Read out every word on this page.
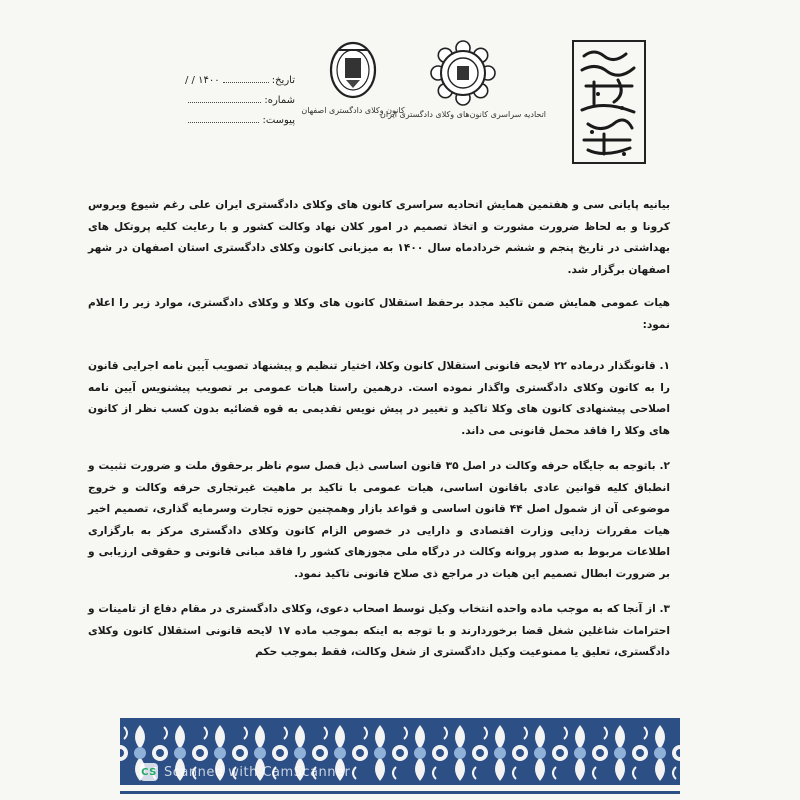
تاریخ:
۱۴۰۰ / /
شماره:
پیوست:
کانون وکلای دادگستری اصفهان
اتحادیه سراسری کانون‌های وکلای دادگستری ایران

بیانیه پایانی سی و هفتمین همایش اتحادیه سراسری کانون های وکلای دادگستری ایران علی رغم شیوع ویروس کرونا و به لحاظ ضرورت مشورت و اتخاذ تصمیم در امور کلان نهاد وکالت کشور و با رعایت کلیه پروتکل های بهداشتی در تاریخ پنجم و ششم خردادماه سال ۱۴۰۰ به میزبانی کانون وکلای دادگستری استان اصفهان در شهر اصفهان برگزار شد.

هیات عمومی همایش ضمن تاکید مجدد برحفظ استقلال کانون های وکلا و وکلای دادگستری، موارد زیر را اعلام نمود:

۱. قانونگذار درماده ۲۲ لایحه قانونی استقلال کانون وکلا، اختیار تنظیم و پیشنهاد تصویب آیین نامه اجرایی قانون را به کانون وکلای دادگستری واگذار نموده است. درهمین راستا هیات عمومی بر تصویب پیشنویس آیین نامه اصلاحی پیشنهادی کانون های وکلا تاکید و تغییر در پیش نویس تقدیمی به قوه قضائیه بدون کسب نظر از کانون های وکلا را فاقد محمل قانونی می داند.

۲. باتوجه به جایگاه حرفه وکالت در اصل ۳۵ قانون اساسی ذیل فصل سوم ناظر برحقوق ملت و ضرورت تثبیت و انطباق کلیه قوانین عادی باقانون اساسی، هیات عمومی با تاکید بر ماهیت غیرتجاری حرفه وکالت و خروج موضوعی آن از شمول اصل ۴۴ قانون اساسی و قواعد بازار وهمچنین حوزه تجارت وسرمایه گذاری، تصمیم اخیر هیات مقررات زدایی وزارت اقتصادی و دارایی در خصوص الزام کانون وکلای دادگستری مرکز به بارگزاری اطلاعات مربوط به صدور پروانه وکالت در درگاه ملی مجوزهای کشور را فاقد مبانی قانونی و حقوقی ارزیابی و بر ضرورت ابطال تصمیم این هیات در مراجع ذی صلاح قانونی تاکید نمود.

۳. از آنجا که به موجب ماده واحده انتخاب وکیل توسط اصحاب دعوی، وکلای دادگستری در مقام دفاع از تامینات و احترامات شاغلین شغل قضا برخوردارند و با توجه به اینکه بموجب ماده ۱۷ لایحه قانونی استقلال کانون وکلای دادگستری، تعلیق یا ممنوعیت وکیل دادگستری از شغل وکالت، فقط بموجب حکم

CS Scanned with CamScanner
